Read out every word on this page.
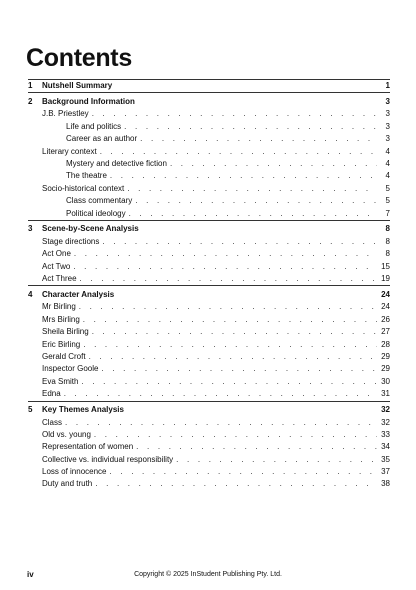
Contents
1 Nutshell Summary	1
2 Background Information	3
J.B. Priestley . . .	3
Life and politics . . .	3
Career as an author . . .	3
Literary context . . .	4
Mystery and detective fiction . . .	4
The theatre . . .	4
Socio-historical context . . .	5
Class commentary . . .	5
Political ideology . . .	7
3 Scene-by-Scene Analysis	8
Stage directions . . .	8
Act One . . .	8
Act Two . . .	15
Act Three . . .	19
4 Character Analysis	24
Mr Birling . . .	24
Mrs Birling . . .	26
Sheila Birling . . .	27
Eric Birling . . .	28
Gerald Croft . . .	29
Inspector Goole . . .	29
Eva Smith . . .	30
Edna . . .	31
5 Key Themes Analysis	32
Class . . .	32
Old vs. young . . .	33
Representation of women . . .	34
Collective vs. individual responsibility . . .	35
Loss of innocence . . .	37
Duty and truth . . .	38
iv	Copyright © 2025 InStudent Publishing Pty. Ltd.
